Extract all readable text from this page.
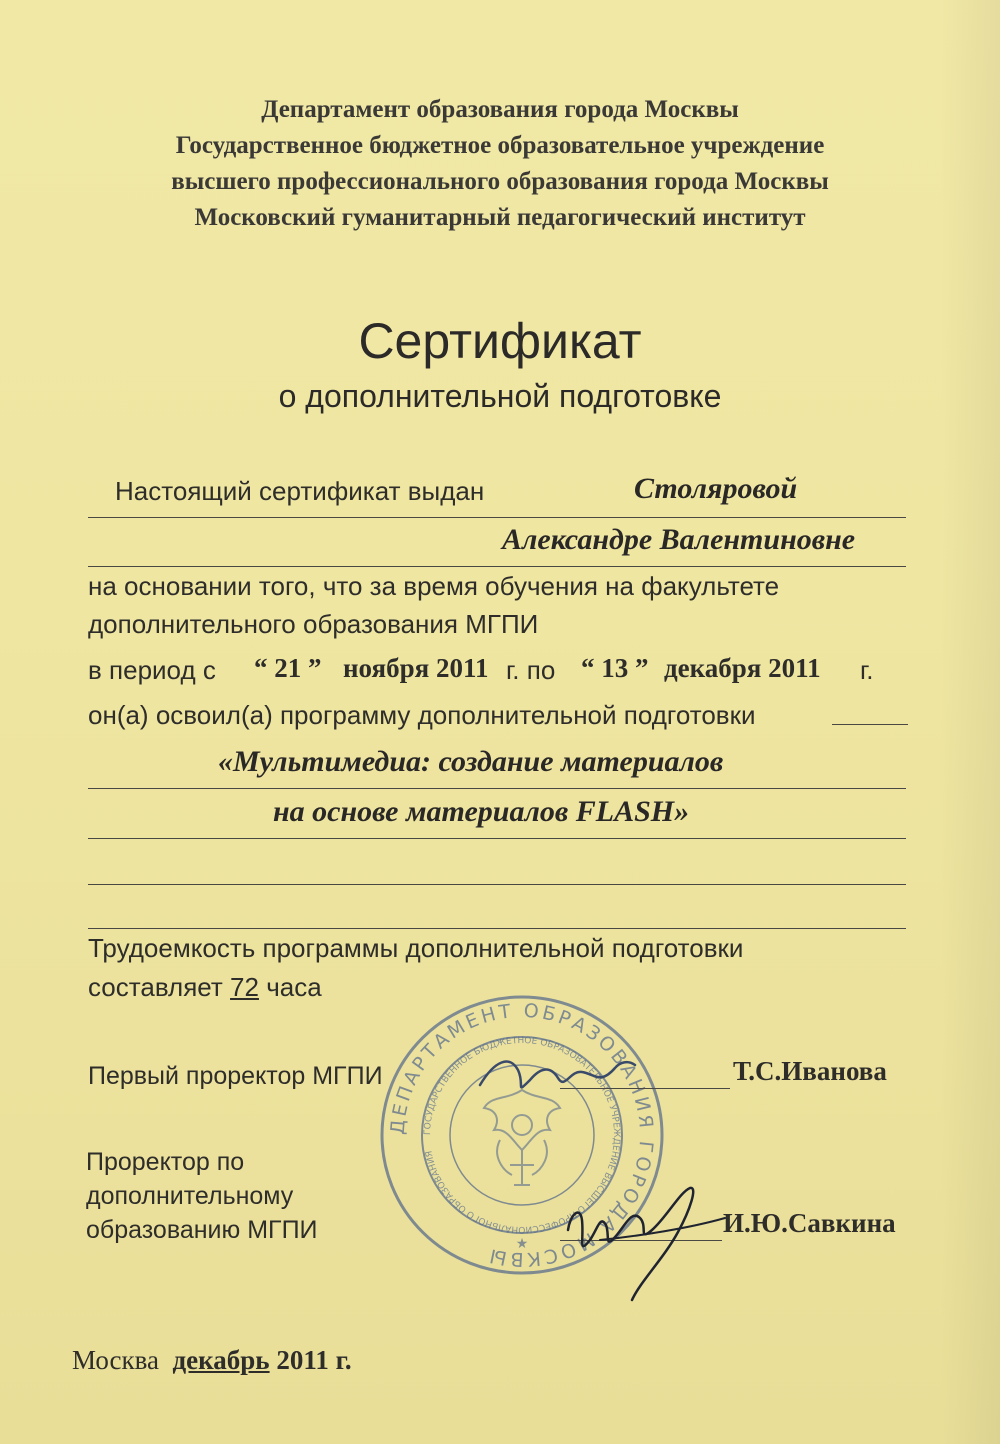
Департамент образования города Москвы
Государственное бюджетное образовательное учреждение
высшего профессионального образования города Москвы
Московский гуманитарный педагогический институт
Сертификат
о дополнительной подготовке
Настоящий сертификат выдан	Столяровой
Александре Валентиновне
на основании того, что за время обучения на факультете
дополнительного образования МГПИ
в период с “ 21 ” ноября 2011 г. по “ 13 ” декабря 2011 г.
он(а) освоил(а) программу дополнительной подготовки
«Мультимедиа: создание материалов
на основе материалов FLASH»
Трудоемкость программы дополнительной подготовки
составляет 72 часа
ДЕПАРТАМЕНТ ОБРАЗОВАНИЯ ГОРОДА МОСКВЫ
ГОСУДАРСТВЕННОЕ БЮДЖЕТНОЕ ОБРАЗОВАТЕЛЬНОЕ УЧРЕЖДЕНИЕ ВЫСШЕГО ПРОФЕССИОНАЛЬНОГО ОБРАЗОВАНИЯ
★
Первый проректор МГПИ	Т.С.Иванова
Проректор по
дополнительному
образованию МГПИ	И.Ю.Савкина
Москва декабрь 2011 г.
